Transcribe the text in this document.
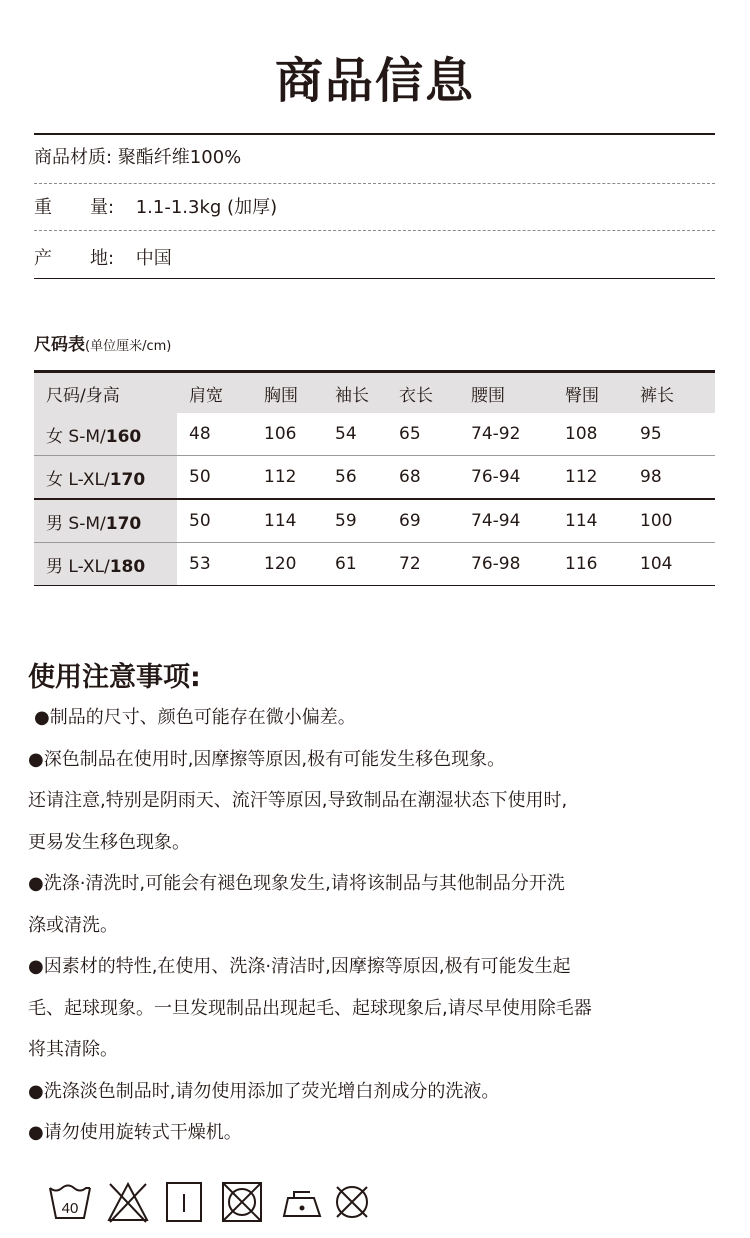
商品信息
商品材质: 聚酯纤维100%
重 量: 1.1-1.3kg (加厚)
产 地: 中国
尺码表(单位厘米/cm)
尺码/身高	肩宽	胸围	袖长	衣长	腰围	臀围	裤长
女 S-M/160	48	106	54	65	74-92	108	95
女 L-XL/170	50	112	56	68	76-94	112	98
男 S-M/170	50	114	59	69	74-94	114	100
男 L-XL/180	53	120	61	72	76-98	116	104
使用注意事项:

●制品的尺寸、颜色可能存在微小偏差。

●深色制品在使用时,因摩擦等原因,极有可能发生移色现象。

还请注意,特别是阴雨天、流汗等原因,导致制品在潮湿状态下使用时,

更易发生移色现象。

●洗涤·清洗时,可能会有褪色现象发生,请将该制品与其他制品分开洗

涤或清洗。

●因素材的特性,在使用、洗涤·清洁时,因摩擦等原因,极有可能发生起

毛、起球现象。一旦发现制品出现起毛、起球现象后,请尽早使用除毛器

将其清除。

●洗涤淡色制品时,请勿使用添加了荧光增白剂成分的洗液。

●请勿使用旋转式干燥机。

40
